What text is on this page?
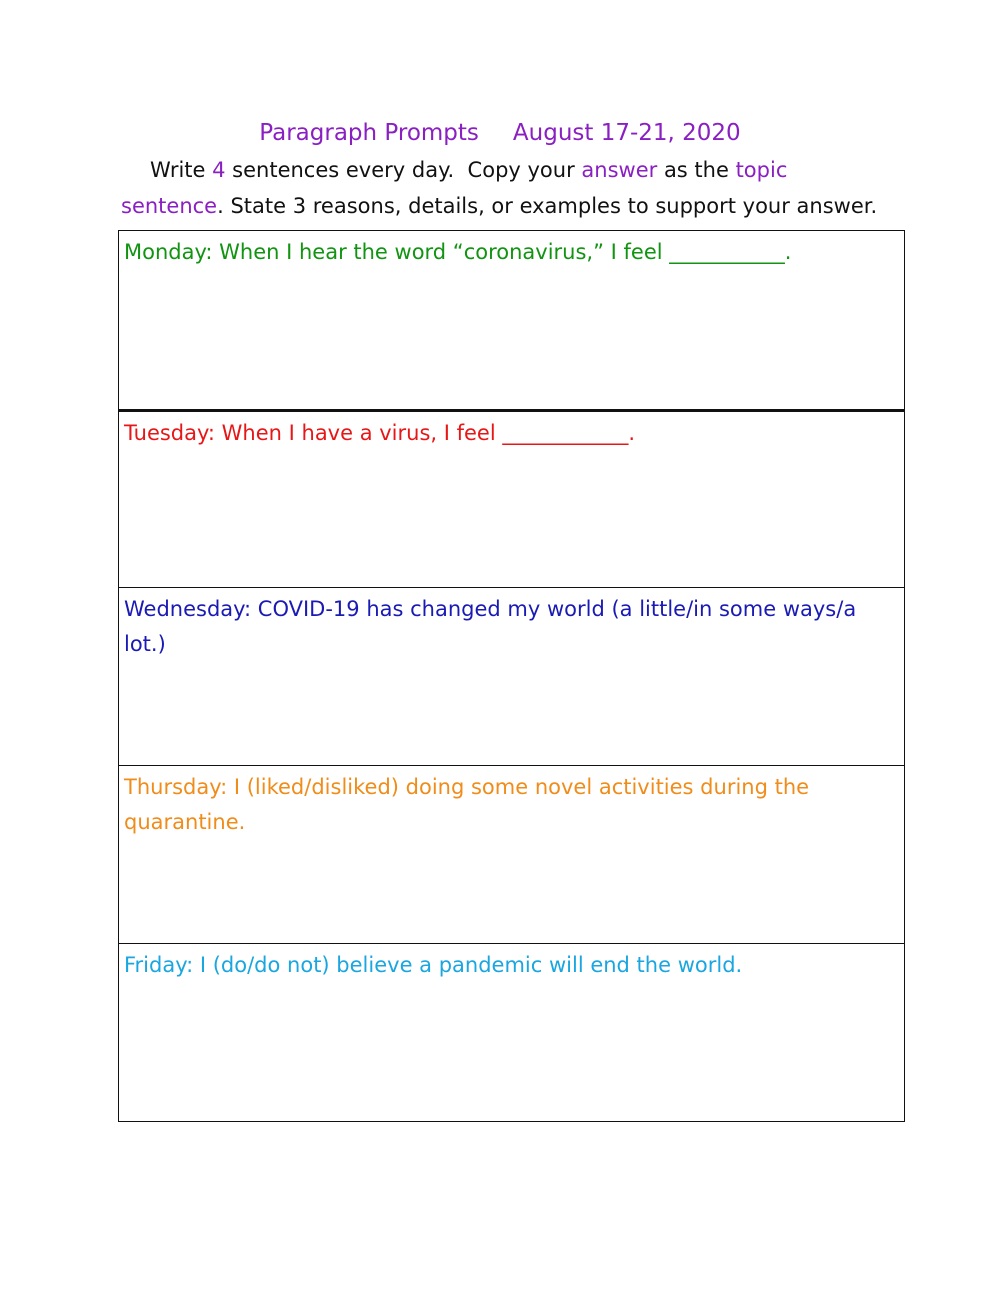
Paragraph Prompts August 17-21, 2020
Write 4 sentences every day.  Copy your answer as the topic
sentence. State 3 reasons, details, or examples to support your answer.

Monday: When I hear the word “coronavirus,” I feel ___________.

Tuesday: When I have a virus, I feel ____________.

Wednesday: COVID-19 has changed my world (a little/in some ways/a lot.)

Thursday: I (liked/disliked) doing some novel activities during the quarantine.

Friday: I (do/do not) believe a pandemic will end the world.
